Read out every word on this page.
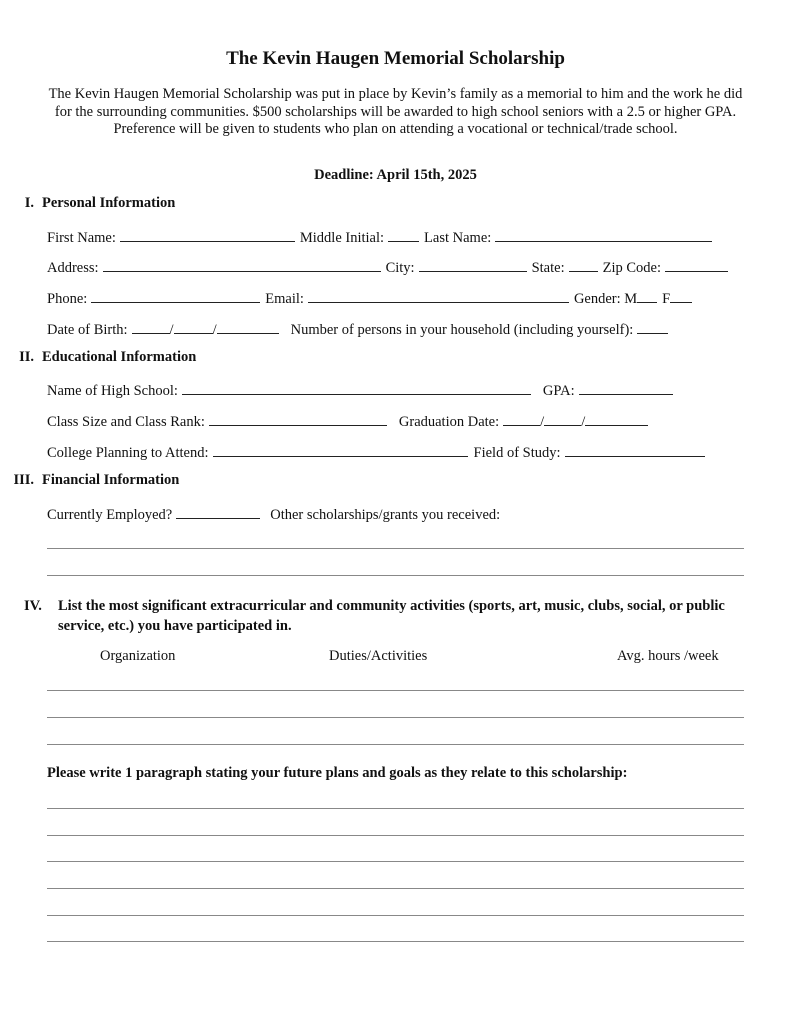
The Kevin Haugen Memorial Scholarship
The Kevin Haugen Memorial Scholarship was put in place by Kevin’s family as a memorial to him and the work he did for the surrounding communities. $500 scholarships will be awarded to high school seniors with a 2.5 or higher GPA. Preference will be given to students who plan on attending a vocational or technical/trade school.
Deadline: April 15th, 2025
I. Personal Information
First Name:	Middle Initial:	Last Name:
Address:	City:	State:	Zip Code:
Phone:	Email:	Gender: M F
Date of Birth:	/	/	Number of persons in your household (including yourself):
II. Educational Information
Name of High School:	GPA:
Class Size and Class Rank:	Graduation Date:	/	/
College Planning to Attend:	Field of Study:
III. Financial Information
Currently Employed?	Other scholarships/grants you received:
IV. List the most significant extracurricular and community activities (sports, art, music, clubs, social, or public service, etc.) you have participated in.
Organization	Duties/Activities	Avg. hours /week
Please write 1 paragraph stating your future plans and goals as they relate to this scholarship:
